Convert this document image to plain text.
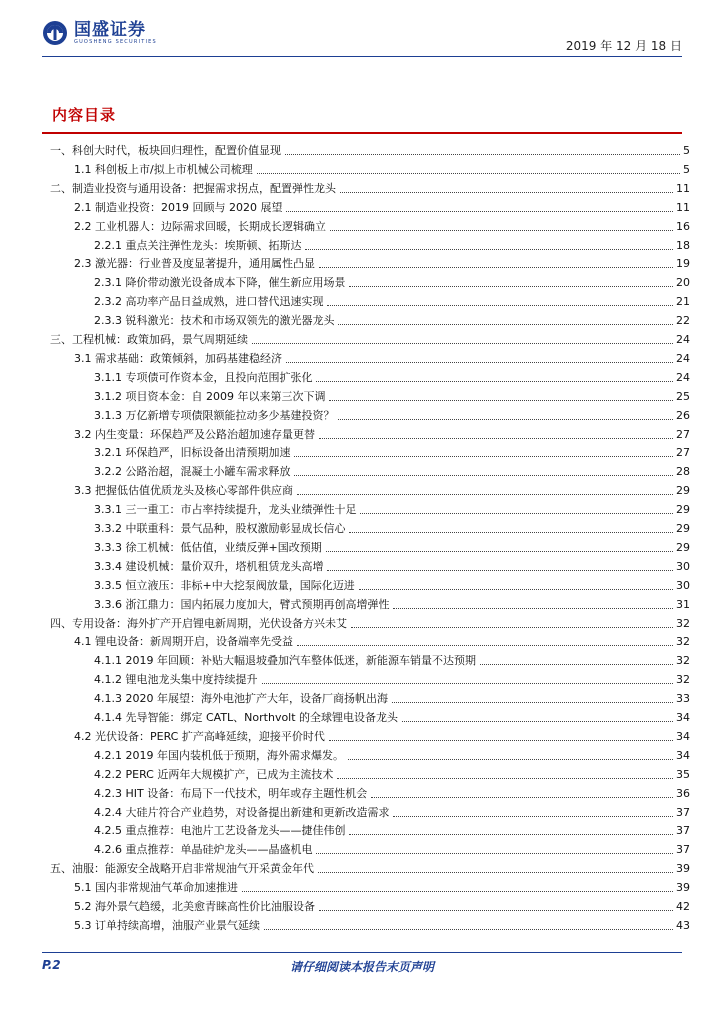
国盛证券
GUOSHENG SECURITIES	2019 年 12 月 18 日
内容目录
一、科创大时代，板块回归理性，配置价值显现	5
1.1 科创板上市/拟上市机械公司梳理	5
二、制造业投资与通用设备：把握需求拐点，配置弹性龙头	11
2.1 制造业投资：2019 回顾与 2020 展望	11
2.2 工业机器人：边际需求回暖，长期成长逻辑确立	16
2.2.1 重点关注弹性龙头：埃斯顿、拓斯达	18
2.3 激光器：行业普及度显著提升，通用属性凸显	19
2.3.1 降价带动激光设备成本下降，催生新应用场景	20
2.3.2 高功率产品日益成熟，进口替代迅速实现	21
2.3.3 锐科激光：技术和市场双领先的激光器龙头	22
三、工程机械：政策加码，景气周期延续	24
3.1 需求基础：政策倾斜，加码基建稳经济	24
3.1.1 专项债可作资本金，且投向范围扩张化	24
3.1.2 项目资本金：自 2009 年以来第三次下调	25
3.1.3 万亿新增专项债限额能拉动多少基建投资？	26
3.2 内生变量：环保趋严及公路治超加速存量更替	27
3.2.1 环保趋严，旧标设备出清预期加速	27
3.2.2 公路治超，混凝土小罐车需求释放	28
3.3 把握低估值优质龙头及核心零部件供应商	29
3.3.1 三一重工：市占率持续提升，龙头业绩弹性十足	29
3.3.2 中联重科：景气品种，股权激励彰显成长信心	29
3.3.3 徐工机械：低估值，业绩反弹+国改预期	29
3.3.4 建设机械：量价双升，塔机租赁龙头高增	30
3.3.5 恒立液压：非标+中大挖泵阀放量，国际化迈进	30
3.3.6 浙江鼎力：国内拓展力度加大，臂式预期再创高增弹性	31
四、专用设备：海外扩产开启锂电新周期，光伏设备方兴未艾	32
4.1 锂电设备：新周期开启，设备端率先受益	32
4.1.1 2019 年回顾：补贴大幅退坡叠加汽车整体低迷，新能源车销量不达预期	32
4.1.2 锂电池龙头集中度持续提升	32
4.1.3 2020 年展望：海外电池扩产大年，设备厂商扬帆出海	33
4.1.4 先导智能：绑定 CATL、Northvolt 的全球锂电设备龙头	34
4.2 光伏设备：PERC 扩产高峰延续，迎接平价时代	34
4.2.1 2019 年国内装机低于预期，海外需求爆发。	34
4.2.2 PERC 近两年大规模扩产，已成为主流技术	35
4.2.3 HIT 设备：布局下一代技术，明年或存主题性机会	36
4.2.4 大硅片符合产业趋势，对设备提出新建和更新改造需求	37
4.2.5 重点推荐：电池片工艺设备龙头——捷佳伟创	37
4.2.6 重点推荐：单晶硅炉龙头——晶盛机电	37
五、油服：能源安全战略开启非常规油气开采黄金年代	39
5.1 国内非常规油气革命加速推进	39
5.2 海外景气趋缓，北美愈青睐高性价比油服设备	42
5.3 订单持续高增，油服产业景气延续	43
P.2	请仔细阅读本报告末页声明
